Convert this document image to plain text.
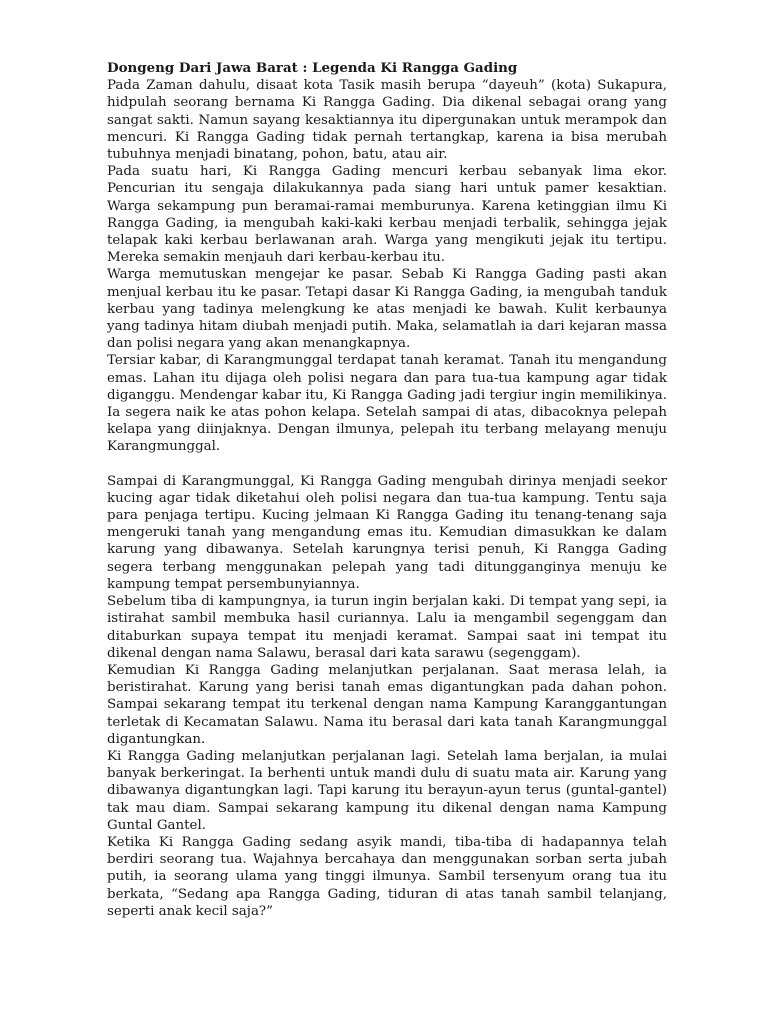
Dongeng Dari Jawa Barat : Legenda Ki Rangga Gading

Pada Zaman dahulu, disaat kota Tasik masih berupa “dayeuh” (kota) Sukapura, hidpulah seorang bernama Ki Rangga Gading. Dia dikenal sebagai orang yang sangat sakti. Namun sayang kesaktiannya itu dipergunakan untuk merampok dan mencuri. Ki Rangga Gading tidak pernah tertangkap, karena ia bisa merubah tubuhnya menjadi binatang, pohon, batu, atau air.

Pada suatu hari, Ki Rangga Gading mencuri kerbau sebanyak lima ekor. Pencurian itu sengaja dilakukannya pada siang hari untuk pamer kesaktian. Warga sekampung pun beramai-ramai memburunya. Karena ketinggian ilmu Ki Rangga Gading, ia mengubah kaki-kaki kerbau menjadi terbalik, sehingga jejak telapak kaki kerbau berlawanan arah. Warga yang mengikuti jejak itu tertipu. Mereka semakin menjauh dari kerbau-kerbau itu.

Warga memutuskan mengejar ke pasar. Sebab Ki Rangga Gading pasti akan menjual kerbau itu ke pasar. Tetapi dasar Ki Rangga Gading, ia mengubah tanduk kerbau yang tadinya melengkung ke atas menjadi ke bawah. Kulit kerbaunya yang tadinya hitam diubah menjadi putih. Maka, selamatlah ia dari kejaran massa dan polisi negara yang akan menangkapnya.

Tersiar kabar, di Karangmunggal terdapat tanah keramat. Tanah itu mengandung emas. Lahan itu dijaga oleh polisi negara dan para tua-tua kampung agar tidak diganggu. Mendengar kabar itu, Ki Rangga Gading jadi tergiur ingin memilikinya. Ia segera naik ke atas pohon kelapa. Setelah sampai di atas, dibacoknya pelepah kelapa yang diinjaknya. Dengan ilmunya, pelepah itu terbang melayang menuju Karangmunggal.

Sampai di Karangmunggal, Ki Rangga Gading mengubah dirinya menjadi seekor kucing agar tidak diketahui oleh polisi negara dan tua-tua kampung. Tentu saja para penjaga tertipu. Kucing jelmaan Ki Rangga Gading itu tenang-tenang saja mengeruki tanah yang mengandung emas itu. Kemudian dimasukkan ke dalam karung yang dibawanya. Setelah karungnya terisi penuh, Ki Rangga Gading segera terbang menggunakan pelepah yang tadi ditungganginya menuju ke kampung tempat persembunyiannya.

Sebelum tiba di kampungnya, ia turun ingin berjalan kaki. Di tempat yang sepi, ia istirahat sambil membuka hasil curiannya. Lalu ia mengambil segenggam dan ditaburkan supaya tempat itu menjadi keramat. Sampai saat ini tempat itu dikenal dengan nama Salawu, berasal dari kata sarawu (segenggam).

Kemudian Ki Rangga Gading melanjutkan perjalanan. Saat merasa lelah, ia beristirahat. Karung yang berisi tanah emas digantungkan pada dahan pohon. Sampai sekarang tempat itu terkenal dengan nama Kampung Karanggantungan terletak di Kecamatan Salawu. Nama itu berasal dari kata tanah Karangmunggal digantungkan.

Ki Rangga Gading melanjutkan perjalanan lagi. Setelah lama berjalan, ia mulai banyak berkeringat. Ia berhenti untuk mandi dulu di suatu mata air. Karung yang dibawanya digantungkan lagi. Tapi karung itu berayun-ayun terus (guntal-gantel) tak mau diam. Sampai sekarang kampung itu dikenal dengan nama Kampung Guntal Gantel.

Ketika Ki Rangga Gading sedang asyik mandi, tiba-tiba di hadapannya telah berdiri seorang tua. Wajahnya bercahaya dan menggunakan sorban serta jubah putih, ia seorang ulama yang tinggi ilmunya. Sambil tersenyum orang tua itu berkata, “Sedang apa Rangga Gading, tiduran di atas tanah sambil telanjang, seperti anak kecil saja?”
